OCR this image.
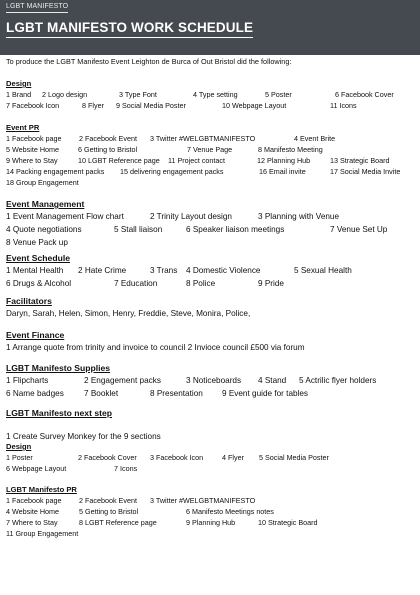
LGBT MANIFESTO
LGBT MANIFESTO WORK SCHEDULE
To produce the LGBT Manifesto Event Leighton de Burca of Out Bristol did the following:
Design
1 Brand 2 Logo design	3 Type Font	4 Type setting	5 Poster	6 Facebook Cover
7 Facebook Icon	8 Flyer 9 Social Media Poster	10 Webpage Layout	11 Icons
Event PR
1 Facebook page 2 Facebook Event 3 Twitter #WELGBTMANIFESTO	4 Event Brite
5 Website Home	6 Getting to Bristol	7 Venue Page	8 Manifesto Meeting
9 Where to Stay	10 LGBT Reference page 11 Project contact	12 Planning Hub	13 Strategic Board
14 Packing engagement packs 15 delivering engagement packs	16 Email invite	17 Social Media Invite
18 Group Engagement
Event Management
1 Event Management Flow chart	2 Trinity Layout design	3 Planning with Venue
4 Quote negotiations	5 Stall liaison	6 Speaker liaison meetings	7 Venue Set Up
8 Venue Pack up
Event Schedule
1 Mental Health 2 Hate Crime	3 Trans 4 Domestic Violence	5 Sexual Health
6 Drugs & Alcohol	7 Education	8 Police	9 Pride
Facilitators
Daryn, Sarah, Helen, Simon, Henry, Freddie, Steve, Monira, Police,
Event Finance
1 Arrange quote from trinity and invoice to council 2 Invioce council £500 via forum
LGBT Manifesto Supplies
1 Flipcharts	2 Engagement packs	3 Noticeboards 4 Stand 5 Actrilic flyer holders
6 Name badges 7 Booklet	8 Presentation 9 Event guide for tables
LGBT Manifesto next step
1 Create Survey Monkey for the 9 sections
Design
1 Poster	2 Facebook Cover 3 Facebook Icon	4 Flyer 5 Social Media Poster
6 Webpage Layout	7 Icons
LGBT Manifesto PR
1 Facebook page 2 Facebook Event 3 Twitter #WELGBTMANIFESTO
4 Website Home	5 Getting to Bristol	6 Manifesto Meetings notes
7 Where to Stay	8 LGBT Reference page	9 Planning Hub	10 Strategic Board
11 Group Engagement
